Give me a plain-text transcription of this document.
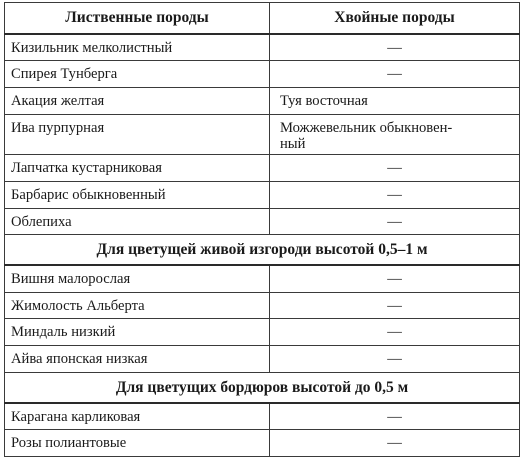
Лиственные породы	Хвойные породы
Кизильник мелколистный	—
Спирея Тунберга	—
Акация желтая	Туя восточная
Ива пурпурная	Можжевельник обыкновен-
ный
Лапчатка кустарниковая	—
Барбарис обыкновенный	—
Облепиха	—
Для цветущей живой изгороди высотой 0,5–1 м	
Вишня малорослая	—
Жимолость Альберта	—
Миндаль низкий	—
Айва японская низкая	—
Для цветущих бордюров высотой до 0,5 м	
Карагана карликовая	—
Розы полиантовые	—
